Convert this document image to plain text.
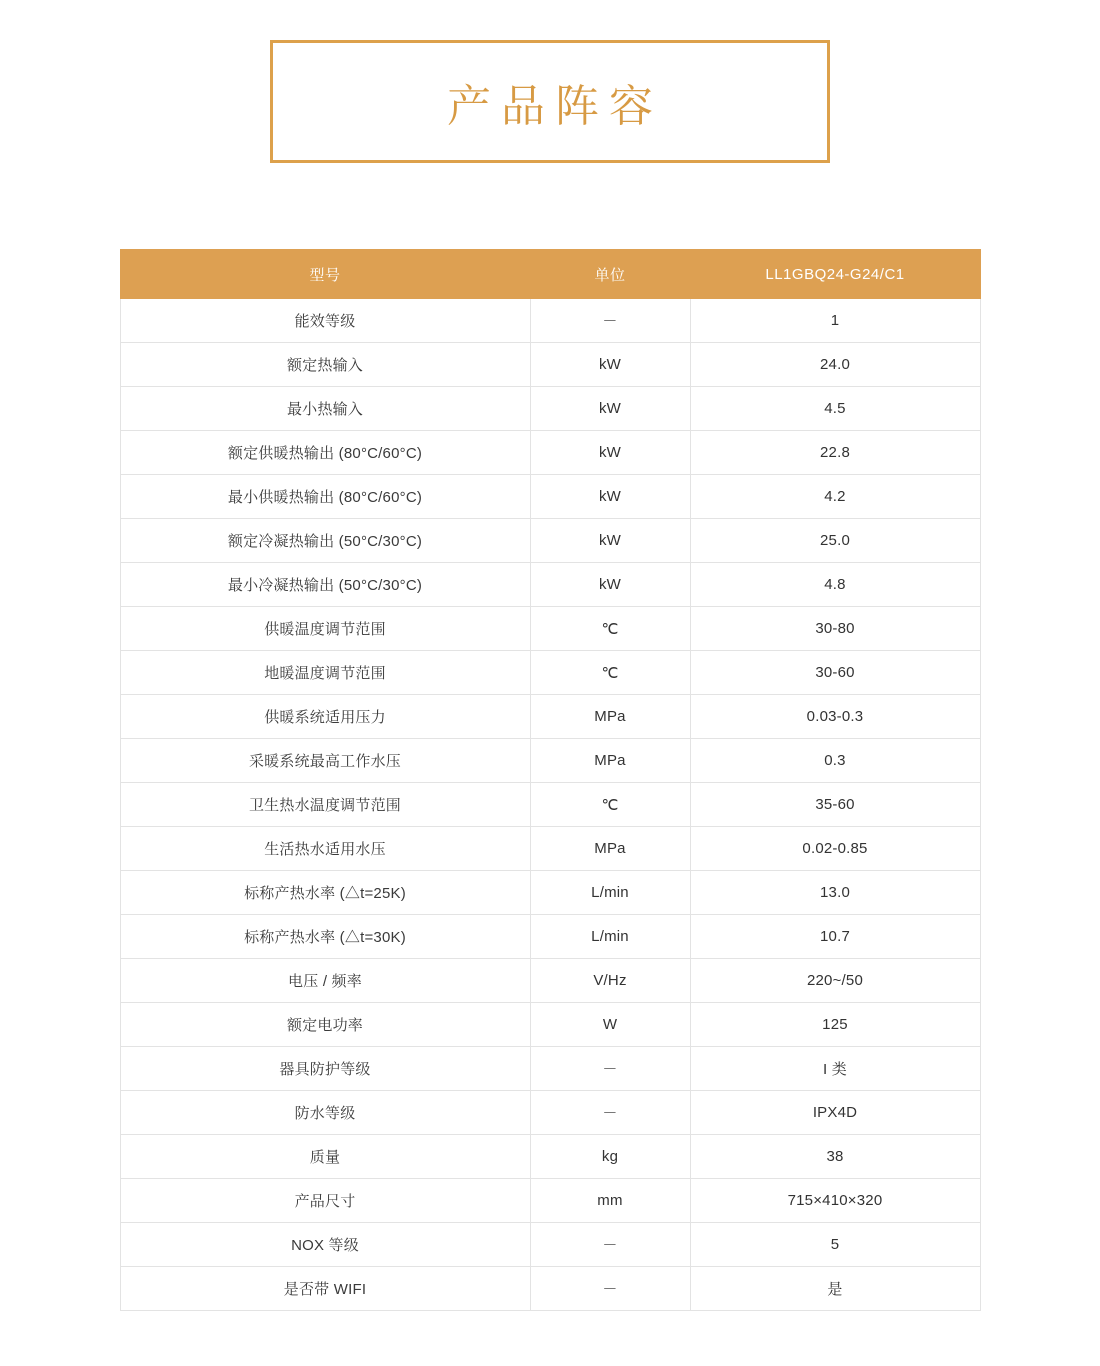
产品阵容
型号	单位	LL1GBQ24-G24/C1
能效等级	－	1
额定热输入	kW	24.0
最小热输入	kW	4.5
额定供暖热输出 (80°C/60°C)	kW	22.8
最小供暖热输出 (80°C/60°C)	kW	4.2
额定冷凝热输出 (50°C/30°C)	kW	25.0
最小冷凝热输出 (50°C/30°C)	kW	4.8
供暖温度调节范围	℃	30-80
地暖温度调节范围	℃	30-60
供暖系统适用压力	MPa	0.03-0.3
采暖系统最高工作水压	MPa	0.3
卫生热水温度调节范围	℃	35-60
生活热水适用水压	MPa	0.02-0.85
标称产热水率 (△t=25K)	L/min	13.0
标称产热水率 (△t=30K)	L/min	10.7
电压 / 频率	V/Hz	220~/50
额定电功率	W	125
器具防护等级	－	I 类
防水等级	－	IPX4D
质量	kg	38
产品尺寸	mm	715×410×320
NOX 等级	－	5
是否带 WIFI	－	是
